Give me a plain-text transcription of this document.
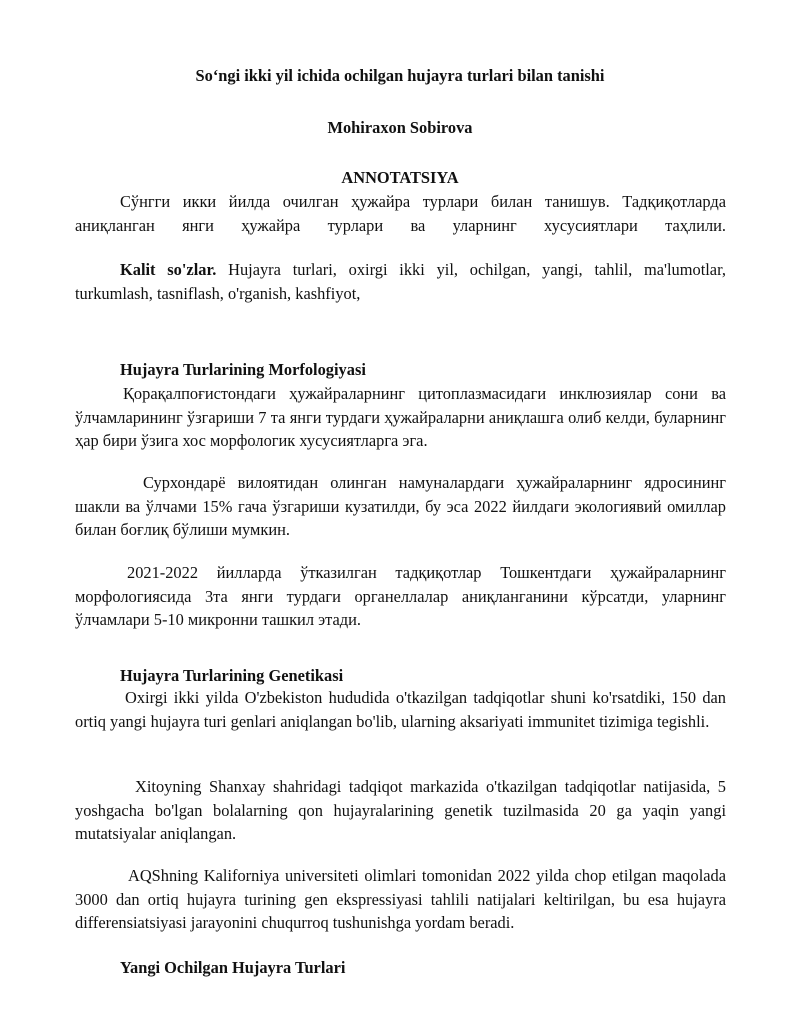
So‘ngi ikki yil ichida ochilgan hujayra turlari bilan tanishi

Mohiraxon Sobirova

ANNOTATSIYA

Сўнгги икки йилда очилган ҳужайра турлари билан танишув. Тадқиқотларда аниқланган янги ҳужайра турлари ва уларнинг хусусиятлари таҳлили.

Kalit so'zlar. Hujayra turlari, oxirgi ikki yil, ochilgan, yangi, tahlil, ma'lumotlar, turkumlash, tasniflash, o'rganish, kashfiyot,

Hujayra Turlarining Morfologiyasi

Қорақалпоғистондаги ҳужайраларнинг цитоплазмасидаги инклюзиялар сони ва ўлчамларининг ўзгариши 7 та янги турдаги ҳужайраларни аниқлашга олиб келди, буларнинг ҳар бири ўзига хос морфологик хусусиятларга эга.

Сурхондарё вилоятидан олинган намуналардаги ҳужайраларнинг ядросининг шакли ва ўлчами 15% гача ўзгариши кузатилди, бу эса 2022 йилдаги экологиявий омиллар билан боғлиқ бўлиши мумкин.

2021-2022 йилларда ўтказилган тадқиқотлар Тошкентдаги ҳужайраларнинг морфологиясида 3та янги турдаги органеллалар аниқланганини кўрсатди, уларнинг ўлчамлари 5-10 микронни ташкил этади.

Hujayra Turlarining Genetikasi

Oxirgi ikki yilda O'zbekiston hududida o'tkazilgan tadqiqotlar shuni ko'rsatdiki, 150 dan ortiq yangi hujayra turi genlari aniqlangan bo'lib, ularning aksariyati immunitet tizimiga tegishli.

Xitoyning Shanxay shahridagi tadqiqot markazida o'tkazilgan tadqiqotlar natijasida, 5 yoshgacha bo'lgan bolalarning qon hujayralarining genetik tuzilmasida 20 ga yaqin yangi mutatsiyalar aniqlangan.

AQShning Kaliforniya universiteti olimlari tomonidan 2022 yilda chop etilgan maqolada 3000 dan ortiq hujayra turining gen ekspressiyasi tahlili natijalari keltirilgan, bu esa hujayra differensiatsiyasi jarayonini chuqurroq tushunishga yordam beradi.

Yangi Ochilgan Hujayra Turlari
